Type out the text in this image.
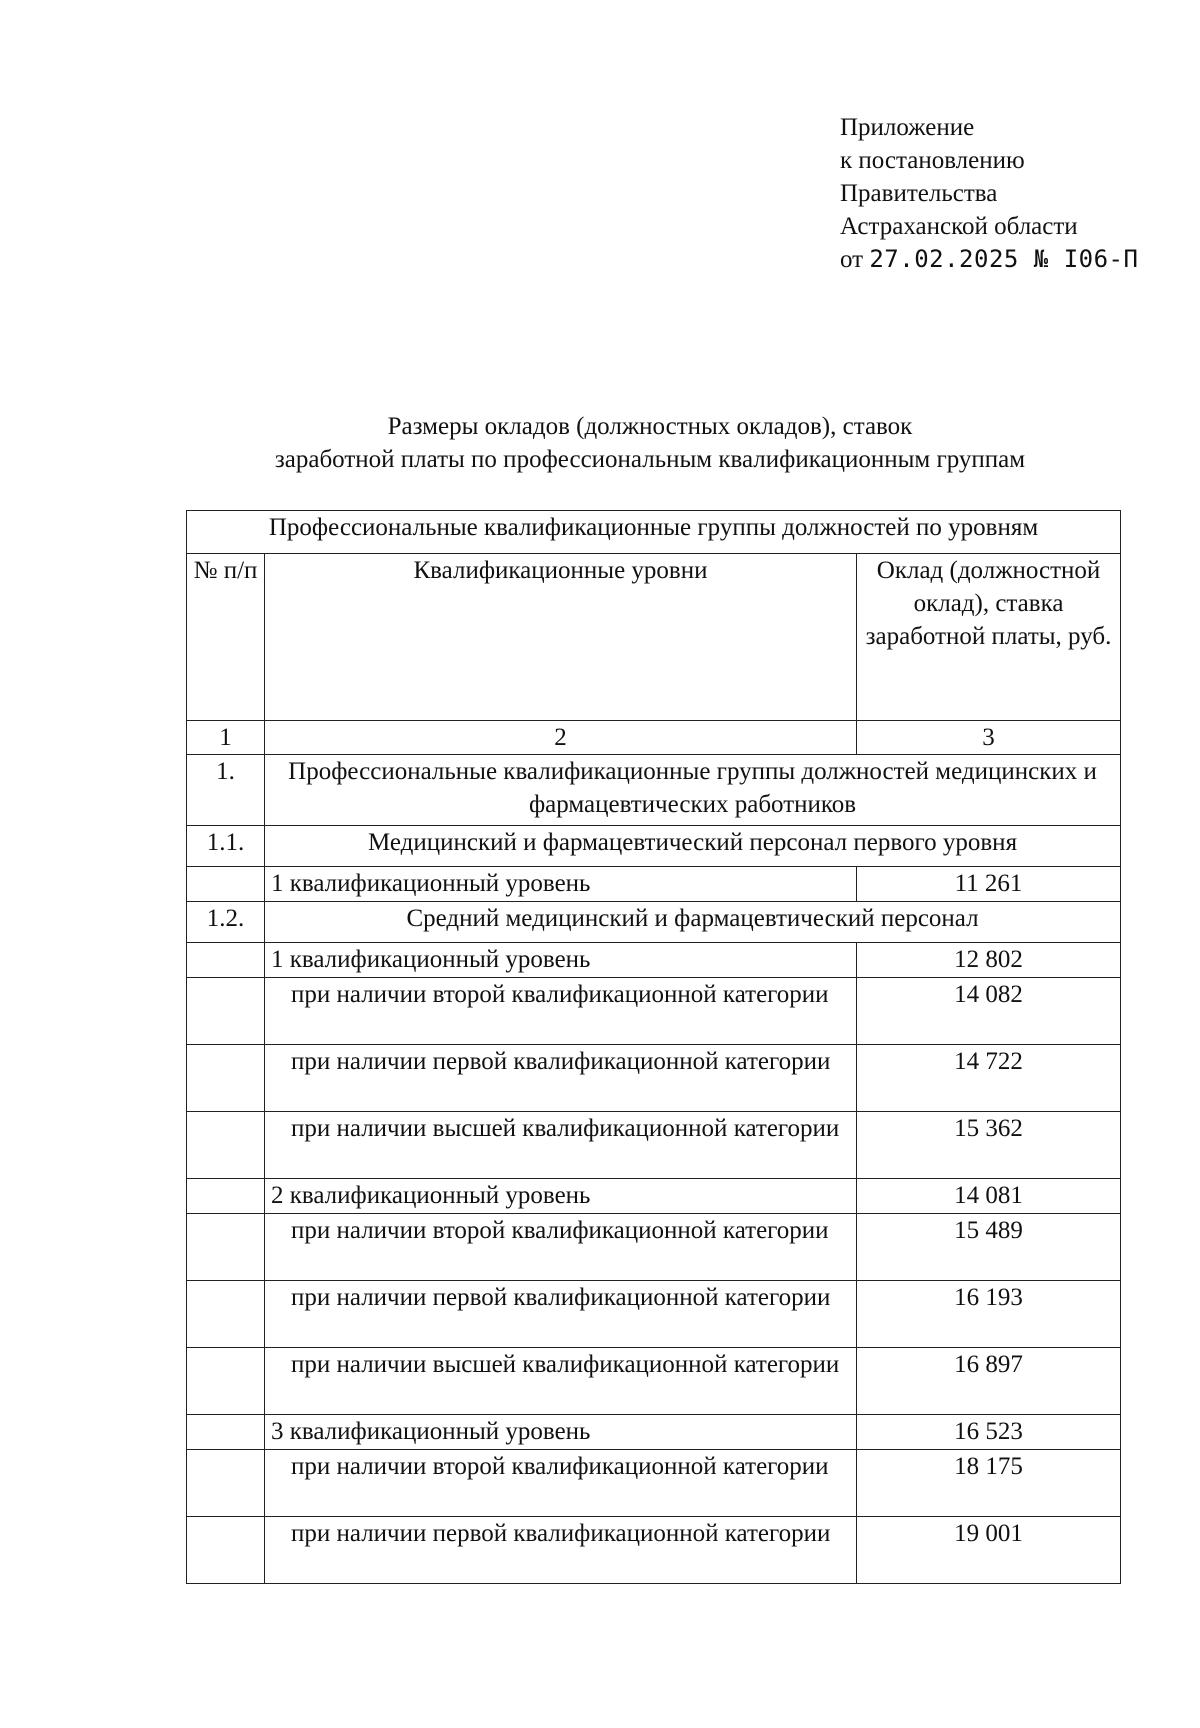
Приложение
к постановлению
Правительства
Астраханской области
от 27.02.2025 № I06-П
Размеры окладов (должностных окладов), ставок
заработной платы по профессиональным квалификационным группам
Профессиональные квалификационные группы должностей по уровням		
№ п/п	Квалификационные уровни	Оклад (должностной оклад), ставка заработной платы, руб.
1	2	3
1.	Профессиональные квалификационные группы должностей медицинских и фармацевтических работников	
1.1.	Медицинский и фармацевтический персонал первого уровня	
	1 квалификационный уровень	11 261
1.2.	Средний медицинский и фармацевтический персонал	
	1 квалификационный уровень	12 802
	при наличии второй квалификационной категории	14 082
	при наличии первой квалификационной категории	14 722
	при наличии высшей квалификационной категории	15 362
	2 квалификационный уровень	14 081
	при наличии второй квалификационной категории	15 489
	при наличии первой квалификационной категории	16 193
	при наличии высшей квалификационной категории	16 897
	3 квалификационный уровень	16 523
	при наличии второй квалификационной категории	18 175
	при наличии первой квалификационной категории	19 001
